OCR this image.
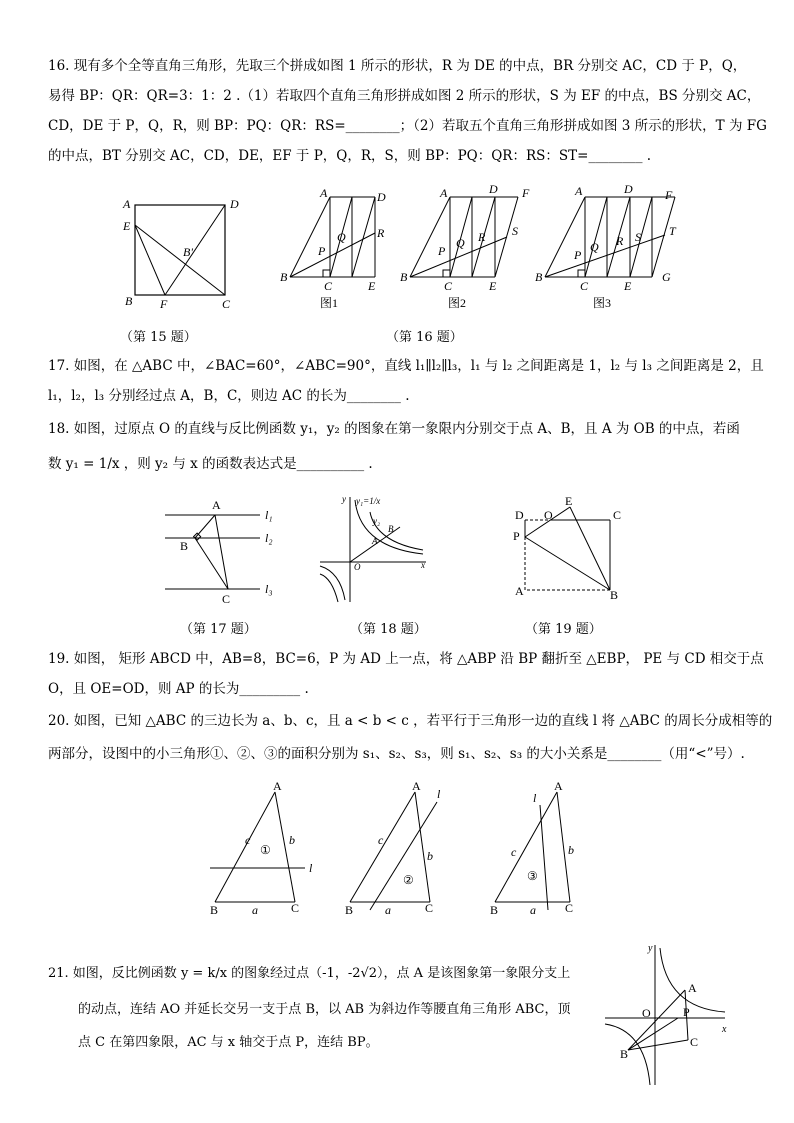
16. 现有多个全等直角三角形，先取三个拼成如图 1 所示的形状，R 为 DE 的中点，BR 分别交 AC，CD 于 P，Q，
易得 BP：QR：QR=3：1：2 .（1）若取四个直角三角形拼成如图 2 所示的形状，S 为 EF 的中点，BS 分别交 AC，
CD，DE 于 P，Q，R，则 BP：PQ：QR：RS=________；（2）若取五个直角三角形拼成如图 3 所示的形状，T 为 FG
的中点，BT 分别交 AC，CD，DE，EF 于 P，Q，R，S，则 BP：PQ：QR：RS：ST=________ .
A	D
E
B'
B F	C
A	D
B
C	E
P
Q	R
A	D F
B
C	E
P
Q R S
A	D	F
B
C	E
G
P
Q R S T
图1	图2	图3
（第 15 题）	（第 16 题）
17. 如图，在 △ABC 中，∠BAC=60°，∠ABC=90°，直线 l₁∥l₂∥l₃，l₁ 与 l₂ 之间距离是 1，l₂ 与 l₃ 之间距离是 2，且
l₁，l₂，l₃ 分别经过点 A，B，C，则边 AC 的长为________ .
18. 如图，过原点 O 的直线与反比例函数 y₁，y₂ 的图象在第一象限内分别交于点 A、B，且 A 为 OB 的中点，若函
数 y₁ = 1/x ，则 y₂ 与 x 的函数表达式是__________ .
A
B
C
l₁
l₂
l₃
y₁=1/x
y₂
A
B
O	x
y
D O
E
C
P
A	B
（第 17 题）	（第 18 题）	（第 19 题）
19. 如图， 矩形 ABCD 中，AB=8，BC=6，P 为 AD 上一点，将 △ABP 沿 BP 翻折至 △EBP， PE 与 CD 相交于点
O，且 OE=OD，则 AP 的长为_________ .
20. 如图，已知 △ABC 的三边长为 a、b、c，且 a < b < c ，若平行于三角形一边的直线 l 将 △ABC 的周长分成相等的
两部分，设图中的小三角形①、②、③的面积分别为 s₁、s₂、s₃，则 s₁、s₂、s₃ 的大小关系是________（用“<”号）.
A
B	C
c	b
a
①
l
A
B	C
c
b
a
②
l
A
B	C
c	b
a
③
l
21. 如图，反比例函数 y = k/x 的图象经过点（-1，-2√2），点 A 是该图象第一象限分支上
的动点，连结 AO 并延长交另一支于点 B，以 AB 为斜边作等腰直角三角形 ABC，顶
点 C 在第四象限，AC 与 x 轴交于点 P，连结 BP。
y
x
O
A
P
C
B
